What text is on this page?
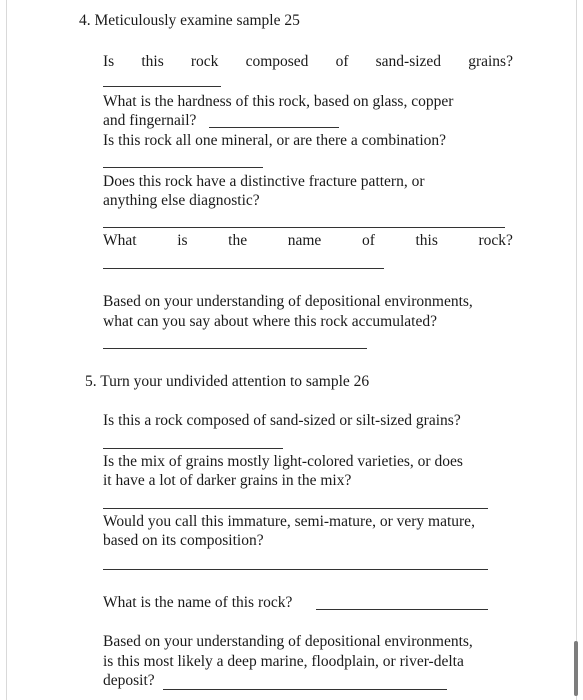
4. Meticulously examine sample 25
Is this rock composed of sand-sized grains?
What is the hardness of this rock, based on glass, copper
and fingernail?
Is this rock all one mineral, or are there a combination?
Does this rock have a distinctive fracture pattern, or
anything else diagnostic?
What	is	the	name	of	this	rock?
Based on your understanding of depositional environments,
what can you say about where this rock accumulated?
5. Turn your undivided attention to sample 26
Is this a rock composed of sand-sized or silt-sized grains?
Is the mix of grains mostly light-colored varieties, or does
it have a lot of darker grains in the mix?
Would you call this immature, semi-mature, or very mature,
based on its composition?
What is the name of this rock?
Based on your understanding of depositional environments,
is this most likely a deep marine, floodplain, or river-delta
deposit?
